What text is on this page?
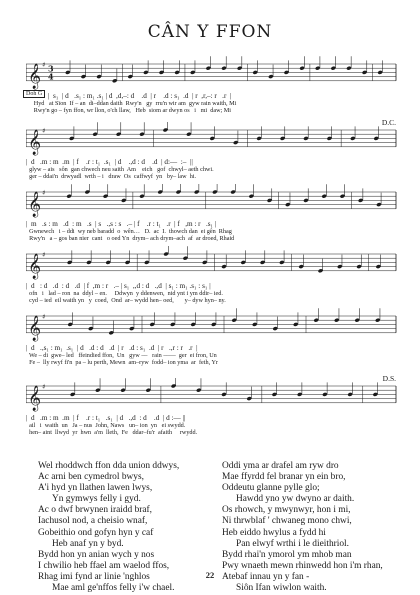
CÂN Y FFON
𝄞 ♯ 3
4
Doh G |  s₁  | d   .s₁ : m₁ .s₁ | d  ,d,–: d    .d  | r    .d : s₁  .d  | r  ,r,–: r   .r  |
Hyd   at Sïon  If – an  di–ddan daith  Rwy'n   gy  rru'n wir am  gyw rain waith, Mi
Rwy'n go – fyn ffon, wr llon, o'ch llaw,   Heb  siom ar dwyn os   i   mi  daw; Mi
𝄞 ♯
D.C.
|  d   .m : m  .m  | f    .r : t₁  .s₁  | d    .,d : d    .d  | d:––  :–  ||
glyw – ais   sôn  gan chwech neu saith  Am    eich   gof  chwyl– aeth chwi.
ger – ddai'n  drwyadl  wrth – i   draw  Os  caffwyf  yn   by– law  hi.
𝄞 ♯
|  m   .s : m   .d  : m   .s  | s   .,s : s   .– | f    .r : t₁   .r  | f   ,m : r   .s₁ |
Gwnewch   i – ddi  wy neb baradd  o  wên…   D.  ac  I.  thowch dan  ei gên  Rhag
Rwy'n   a – gos ban nier  cant   o oed Yn  drym– ach drym–ach  af  ar droed, Rhaid
𝄞 ♯
|  d   : d   .d  : d   .d  | f  ,m : r   .– | s₁  ,,d : d   .,d  | s₁ : m₁ .s₁ : s₁ |
ofn   i   lad – ron  na  ddyl – en.     Ddwyn  y ddenwen,  nid ynt i ym ddir– ied.
cyd – ied  eil waith yn   y  coed,  Ond  ar– wydd hen– oed,       y– dyw hyn– ny.
𝄞 ♯
|  d   .,s₁ : m₁  .s₁  | d   .d : d   .d  | r   .d : s₁  .d  | r   .,r : r   .r  |
We – di  gwe– led   ffeindied ffon,  Un   gyw ––   rain ––––  ger  ei fron, Un
Fe –  lly rwyf fi'n  pa – lu perth, Mewn  am–ryw  fodd– ion yma  ar  feth, Yr
𝄞 ♯
D.S.
|  d   .m : m  .m  | f    .r : t₁   .s₁  | d   .,d  : d    .d  | d :–– ||
ail   i  waith  un   Ja – nus  John, Naws   un– ion  yn   ei swydd.
hen– aint  llwyd  yr  hwn  a'm  lleth,  Fe   ddar–fu'r  afaith     rwydd.
Wel rhoddwch ffon dda union ddwys,
Ac arni ben cymedrol bwys,
A'i hyd yn llathen lawen lwys,
Yn gymwys felly i gyd.
Ac o dwf brwynen iraidd braf,
Iachusol nod, a cheisio wnaf,
Gobeithio ond gofyn hyn y caf
Heb anaf yn y byd.
Bydd hon yn anian wych y nos
I chwilio heb ffael am waelod ffos,
Rhag imi fynd ar linie 'nghlos
Mae aml ge'nffos felly i'w chael.
Oddi yma ar drafel am ryw dro
Mae ffyrdd fel branar yn ein bro,
Oddeutu glanne pylle glo;
Hawdd yno yw dwyno ar daith.
Os rhowch, y mwynwyr, hon i mi,
Ni thrwblaf ' chwaneg mono chwi,
Heb eiddo hwylus a fydd hi
Pan elwyf wrthi i le dieithriol.
Bydd rhai'n ymorol ym mhob man
Pwy wnaeth mewn rhinwedd hon i'm rhan,
Atebaf innau yn y fan -
Siôn Ifan wiwlon waith.
22
